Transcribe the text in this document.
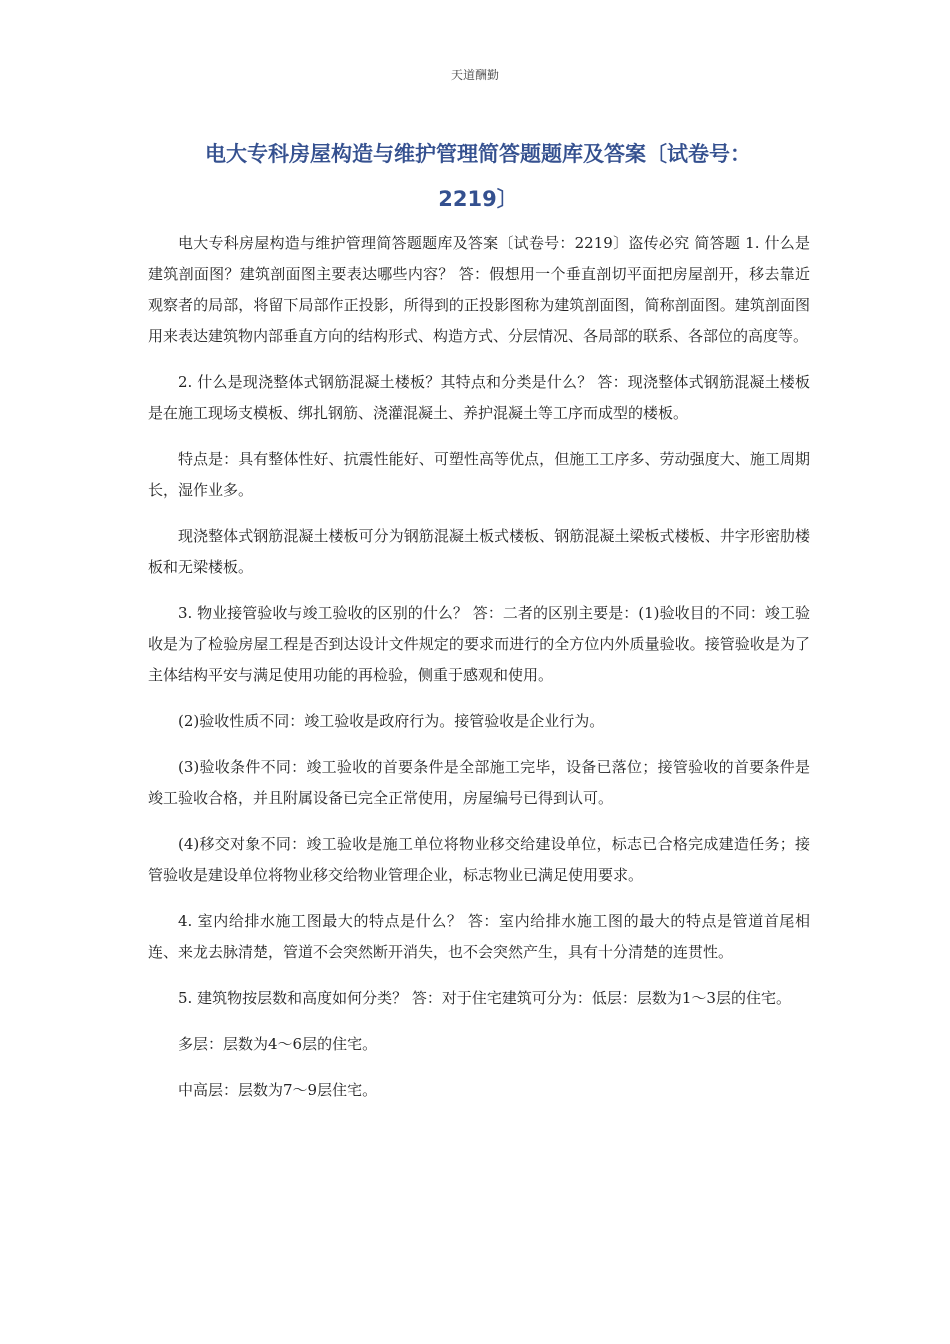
天道酬勤
电大专科房屋构造与维护管理简答题题库及答案〔试卷号：
2219〕

电大专科房屋构造与维护管理简答题题库及答案〔试卷号：2219〕盗传必究 简答题 1. 什么是建筑剖面图？建筑剖面图主要表达哪些内容？ 答：假想用一个垂直剖切平面把房屋剖开，移去靠近观察者的局部，将留下局部作正投影，所得到的正投影图称为建筑剖面图，简称剖面图。建筑剖面图用来表达建筑物内部垂直方向的结构形式、构造方式、分层情况、各局部的联系、各部位的高度等。

2. 什么是现浇整体式钢筋混凝土楼板？其特点和分类是什么？ 答：现浇整体式钢筋混凝土楼板是在施工现场支模板、绑扎钢筋、浇灌混凝土、养护混凝土等工序而成型的楼板。

特点是：具有整体性好、抗震性能好、可塑性高等优点，但施工工序多、劳动强度大、施工周期长，湿作业多。

现浇整体式钢筋混凝土楼板可分为钢筋混凝土板式楼板、钢筋混凝土梁板式楼板、井字形密肋楼板和无梁楼板。

3. 物业接管验收与竣工验收的区别的什么？ 答：二者的区别主要是：(1)验收目的不同：竣工验收是为了检验房屋工程是否到达设计文件规定的要求而进行的全方位内外质量验收。接管验收是为了主体结构平安与满足使用功能的再检验，侧重于感观和使用。

(2)验收性质不同：竣工验收是政府行为。接管验收是企业行为。

(3)验收条件不同：竣工验收的首要条件是全部施工完毕，设备已落位；接管验收的首要条件是竣工验收合格，并且附属设备已完全正常使用，房屋编号已得到认可。

(4)移交对象不同：竣工验收是施工单位将物业移交给建设单位，标志已合格完成建造任务；接管验收是建设单位将物业移交给物业管理企业，标志物业已满足使用要求。

4. 室内给排水施工图最大的特点是什么？ 答：室内给排水施工图的最大的特点是管道首尾相连、来龙去脉清楚，管道不会突然断开消失，也不会突然产生，具有十分清楚的连贯性。

5. 建筑物按层数和高度如何分类？ 答：对于住宅建筑可分为：低层：层数为1～3层的住宅。

多层：层数为4～6层的住宅。

中高层：层数为7～9层住宅。
